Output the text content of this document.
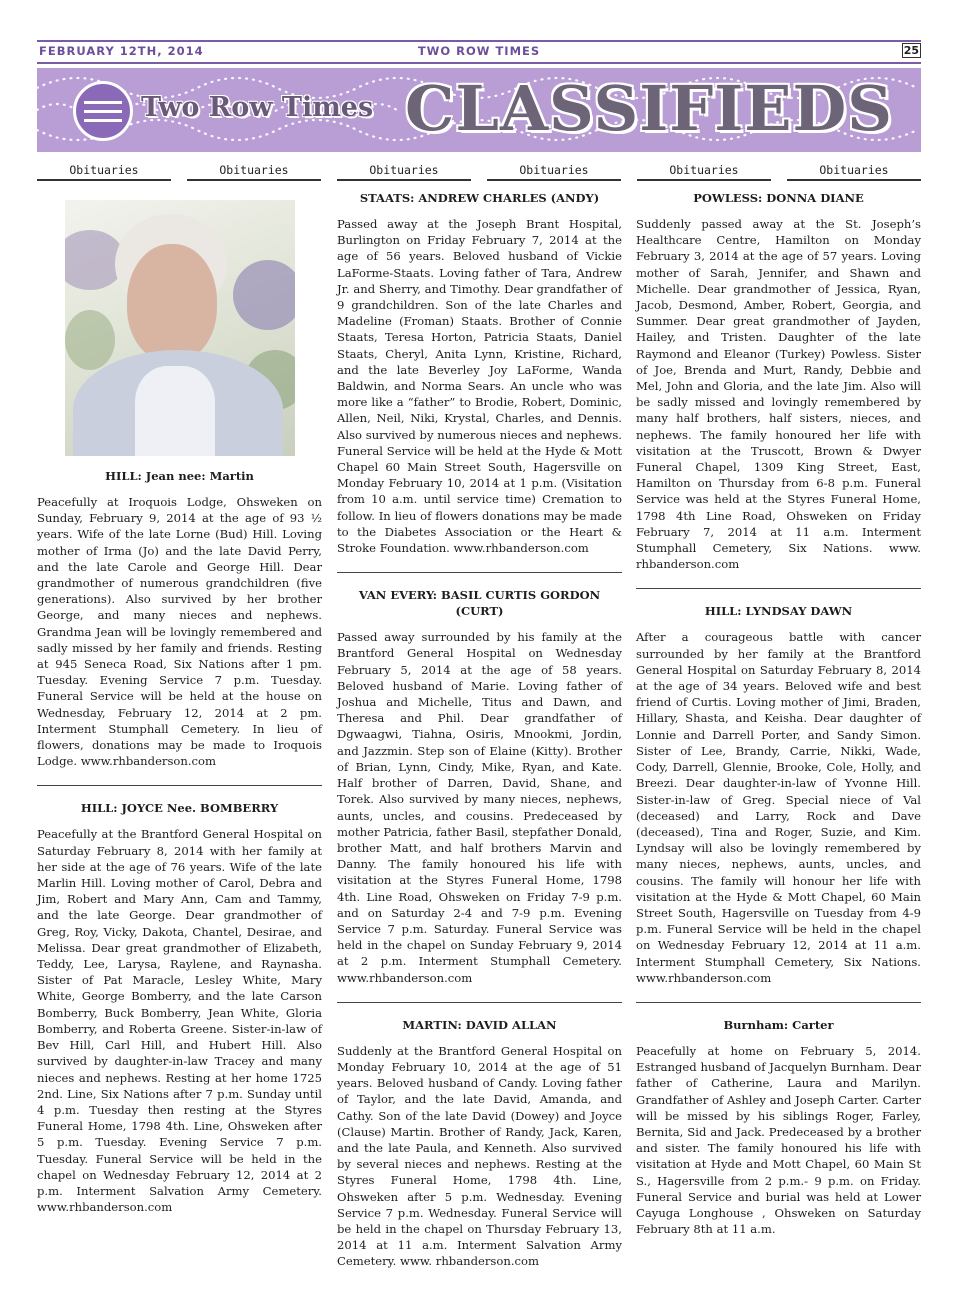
FEBRUARY 12TH, 2014	TWO ROW TIMES	25
Two Row Times CLASSIFIEDS
Obituaries	Obituaries	Obituaries	Obituaries	Obituaries	Obituaries
HILL: Jean nee: Martin

Peacefully at Iroquois Lodge, Ohsweken on Sunday, February 9, 2014 at the age of 93 ½ years. Wife of the late Lorne (Bud) Hill. Loving mother of Irma (Jo) and the late David Perry, and the late Carole and George Hill. Dear grandmother of numerous grandchildren (five generations). Also survived by her brother George, and many nieces and nephews. Grandma Jean will be lovingly remembered and sadly missed by her family and friends. Resting at 945 Seneca Road, Six Nations after 1 pm. Tuesday. Evening Service 7 p.m. Tuesday. Funeral Service will be held at the house on Wednesday, February 12, 2014 at 2 pm. Interment Stumphall Cemetery. In lieu of flowers, donations may be made to Iroquois Lodge. www.rhbanderson.com

HILL: JOYCE Nee. BOMBERRY

Peacefully at the Brantford General Hospital on Saturday February 8, 2014 with her family at her side at the age of 76 years. Wife of the late Marlin Hill. Loving mother of Carol, Debra and Jim, Robert and Mary Ann, Cam and Tammy, and the late George. Dear grandmother of Greg, Roy, Vicky, Dakota, Chantel, Desirae, and Melissa. Dear great grandmother of Elizabeth, Teddy, Lee, Larysa, Raylene, and Raynasha. Sister of Pat Maracle, Lesley White, Mary White, George Bomberry, and the late Carson Bomberry, Buck Bomberry, Jean White, Gloria Bomberry, and Roberta Greene. Sister-in-law of Bev Hill, Carl Hill, and Hubert Hill. Also survived by daughter-in-law Tracey and many nieces and nephews. Resting at her home 1725 2nd. Line, Six Nations after 7 p.m. Sunday until 4 p.m. Tuesday then resting at the Styres Funeral Home, 1798 4th. Line, Ohsweken after 5 p.m. Tuesday. Evening Service 7 p.m. Tuesday. Funeral Service will be held in the chapel on Wednesday February 12, 2014 at 2 p.m. Interment Salvation Army Cemetery. www.rhbanderson.com

STAATS: ANDREW CHARLES (ANDY)

Passed away at the Joseph Brant Hospital, Burlington on Friday February 7, 2014 at the age of 56 years. Beloved husband of Vickie LaForme-Staats. Loving father of Tara, Andrew Jr. and Sherry, and Timothy. Dear grandfather of 9 grandchildren. Son of the late Charles and Madeline (Froman) Staats. Brother of Connie Staats, Teresa Horton, Patricia Staats, Daniel Staats, Cheryl, Anita Lynn, Kristine, Richard, and the late Beverley Joy LaForme, Wanda Baldwin, and Norma Sears. An uncle who was more like a “father” to Brodie, Robert, Dominic, Allen, Neil, Niki, Krystal, Charles, and Dennis. Also survived by numerous nieces and nephews. Funeral Service will be held at the Hyde & Mott Chapel 60 Main Street South, Hagersville on Monday February 10, 2014 at 1 p.m. (Visitation from 10 a.m. until service time) Cremation to follow. In lieu of flowers donations may be made to the Diabetes Association or the Heart & Stroke Foundation. www.rhbanderson.com

VAN EVERY: BASIL CURTIS GORDON (CURT)

Passed away surrounded by his family at the Brantford General Hospital on Wednesday February 5, 2014 at the age of 58 years. Beloved husband of Marie. Loving father of Joshua and Michelle, Titus and Dawn, and Theresa and Phil. Dear grandfather of Dgwaagwi, Tiahna, Osiris, Mnookmi, Jordin, and Jazzmin. Step son of Elaine (Kitty). Brother of Brian, Lynn, Cindy, Mike, Ryan, and Kate. Half brother of Darren, David, Shane, and Torek. Also survived by many nieces, nephews, aunts, uncles, and cousins. Predeceased by mother Patricia, father Basil, stepfather Donald, brother Matt, and half brothers Marvin and Danny. The family honoured his life with visitation at the Styres Funeral Home, 1798 4th. Line Road, Ohsweken on Friday 7-9 p.m. and on Saturday 2-4 and 7-9 p.m. Evening Service 7 p.m. Saturday. Funeral Service was held in the chapel on Sunday February 9, 2014 at 2 p.m. Interment Stumphall Cemetery. www.rhbanderson.com

MARTIN: DAVID ALLAN

Suddenly at the Brantford General Hospital on Monday February 10, 2014 at the age of 51 years. Beloved husband of Candy. Loving father of Taylor, and the late David, Amanda, and Cathy. Son of the late David (Dowey) and Joyce (Clause) Martin. Brother of Randy, Jack, Karen, and the late Paula, and Kenneth. Also survived by several nieces and nephews. Resting at the Styres Funeral Home, 1798 4th. Line, Ohsweken after 5 p.m. Wednesday. Evening Service 7 p.m. Wednesday. Funeral Service will be held in the chapel on Thursday February 13, 2014 at 11 a.m. Interment Salvation Army Cemetery. www. rhbanderson.com

POWLESS: DONNA DIANE

Suddenly passed away at the St. Joseph’s Healthcare Centre, Hamilton on Monday February 3, 2014 at the age of 57 years. Loving mother of Sarah, Jennifer, and Shawn and Michelle. Dear grandmother of Jessica, Ryan, Jacob, Desmond, Amber, Robert, Georgia, and Summer. Dear great grandmother of Jayden, Hailey, and Tristen. Daughter of the late Raymond and Eleanor (Turkey) Powless. Sister of Joe, Brenda and Murt, Randy, Debbie and Mel, John and Gloria, and the late Jim. Also will be sadly missed and lovingly remembered by many half brothers, half sisters, nieces, and nephews. The family honoured her life with visitation at the Truscott, Brown & Dwyer Funeral Chapel, 1309 King Street, East, Hamilton on Thursday from 6-8 p.m. Funeral Service was held at the Styres Funeral Home, 1798 4th Line Road, Ohsweken on Friday February 7, 2014 at 11 a.m. Interment Stumphall Cemetery, Six Nations. www. rhbanderson.com

HILL: LYNDSAY DAWN

After a courageous battle with cancer surrounded by her family at the Brantford General Hospital on Saturday February 8, 2014 at the age of 34 years. Beloved wife and best friend of Curtis. Loving mother of Jimi, Braden, Hillary, Shasta, and Keisha. Dear daughter of Lonnie and Darrell Porter, and Sandy Simon. Sister of Lee, Brandy, Carrie, Nikki, Wade, Cody, Darrell, Glennie, Brooke, Cole, Holly, and Breezi. Dear daughter-in-law of Yvonne Hill. Sister-in-law of Greg. Special niece of Val (deceased) and Larry, Rock and Dave (deceased), Tina and Roger, Suzie, and Kim. Lyndsay will also be lovingly remembered by many nieces, nephews, aunts, uncles, and cousins. The family will honour her life with visitation at the Hyde & Mott Chapel, 60 Main Street South, Hagersville on Tuesday from 4-9 p.m. Funeral Service will be held in the chapel on Wednesday February 12, 2014 at 11 a.m. Interment Stumphall Cemetery, Six Nations. www.rhbanderson.com

Burnham: Carter

Peacefully at home on February 5, 2014. Estranged husband of Jacquelyn Burnham. Dear father of Catherine, Laura and Marilyn. Grandfather of Ashley and Joseph Carter. Carter will be missed by his siblings Roger, Farley, Bernita, Sid and Jack. Predeceased by a brother and sister. The family honoured his life with visitation at Hyde and Mott Chapel, 60 Main St S., Hagersville from 2 p.m.- 9 p.m. on Friday. Funeral Service and burial was held at Lower Cayuga Longhouse , Ohsweken on Saturday February 8th at 11 a.m.
